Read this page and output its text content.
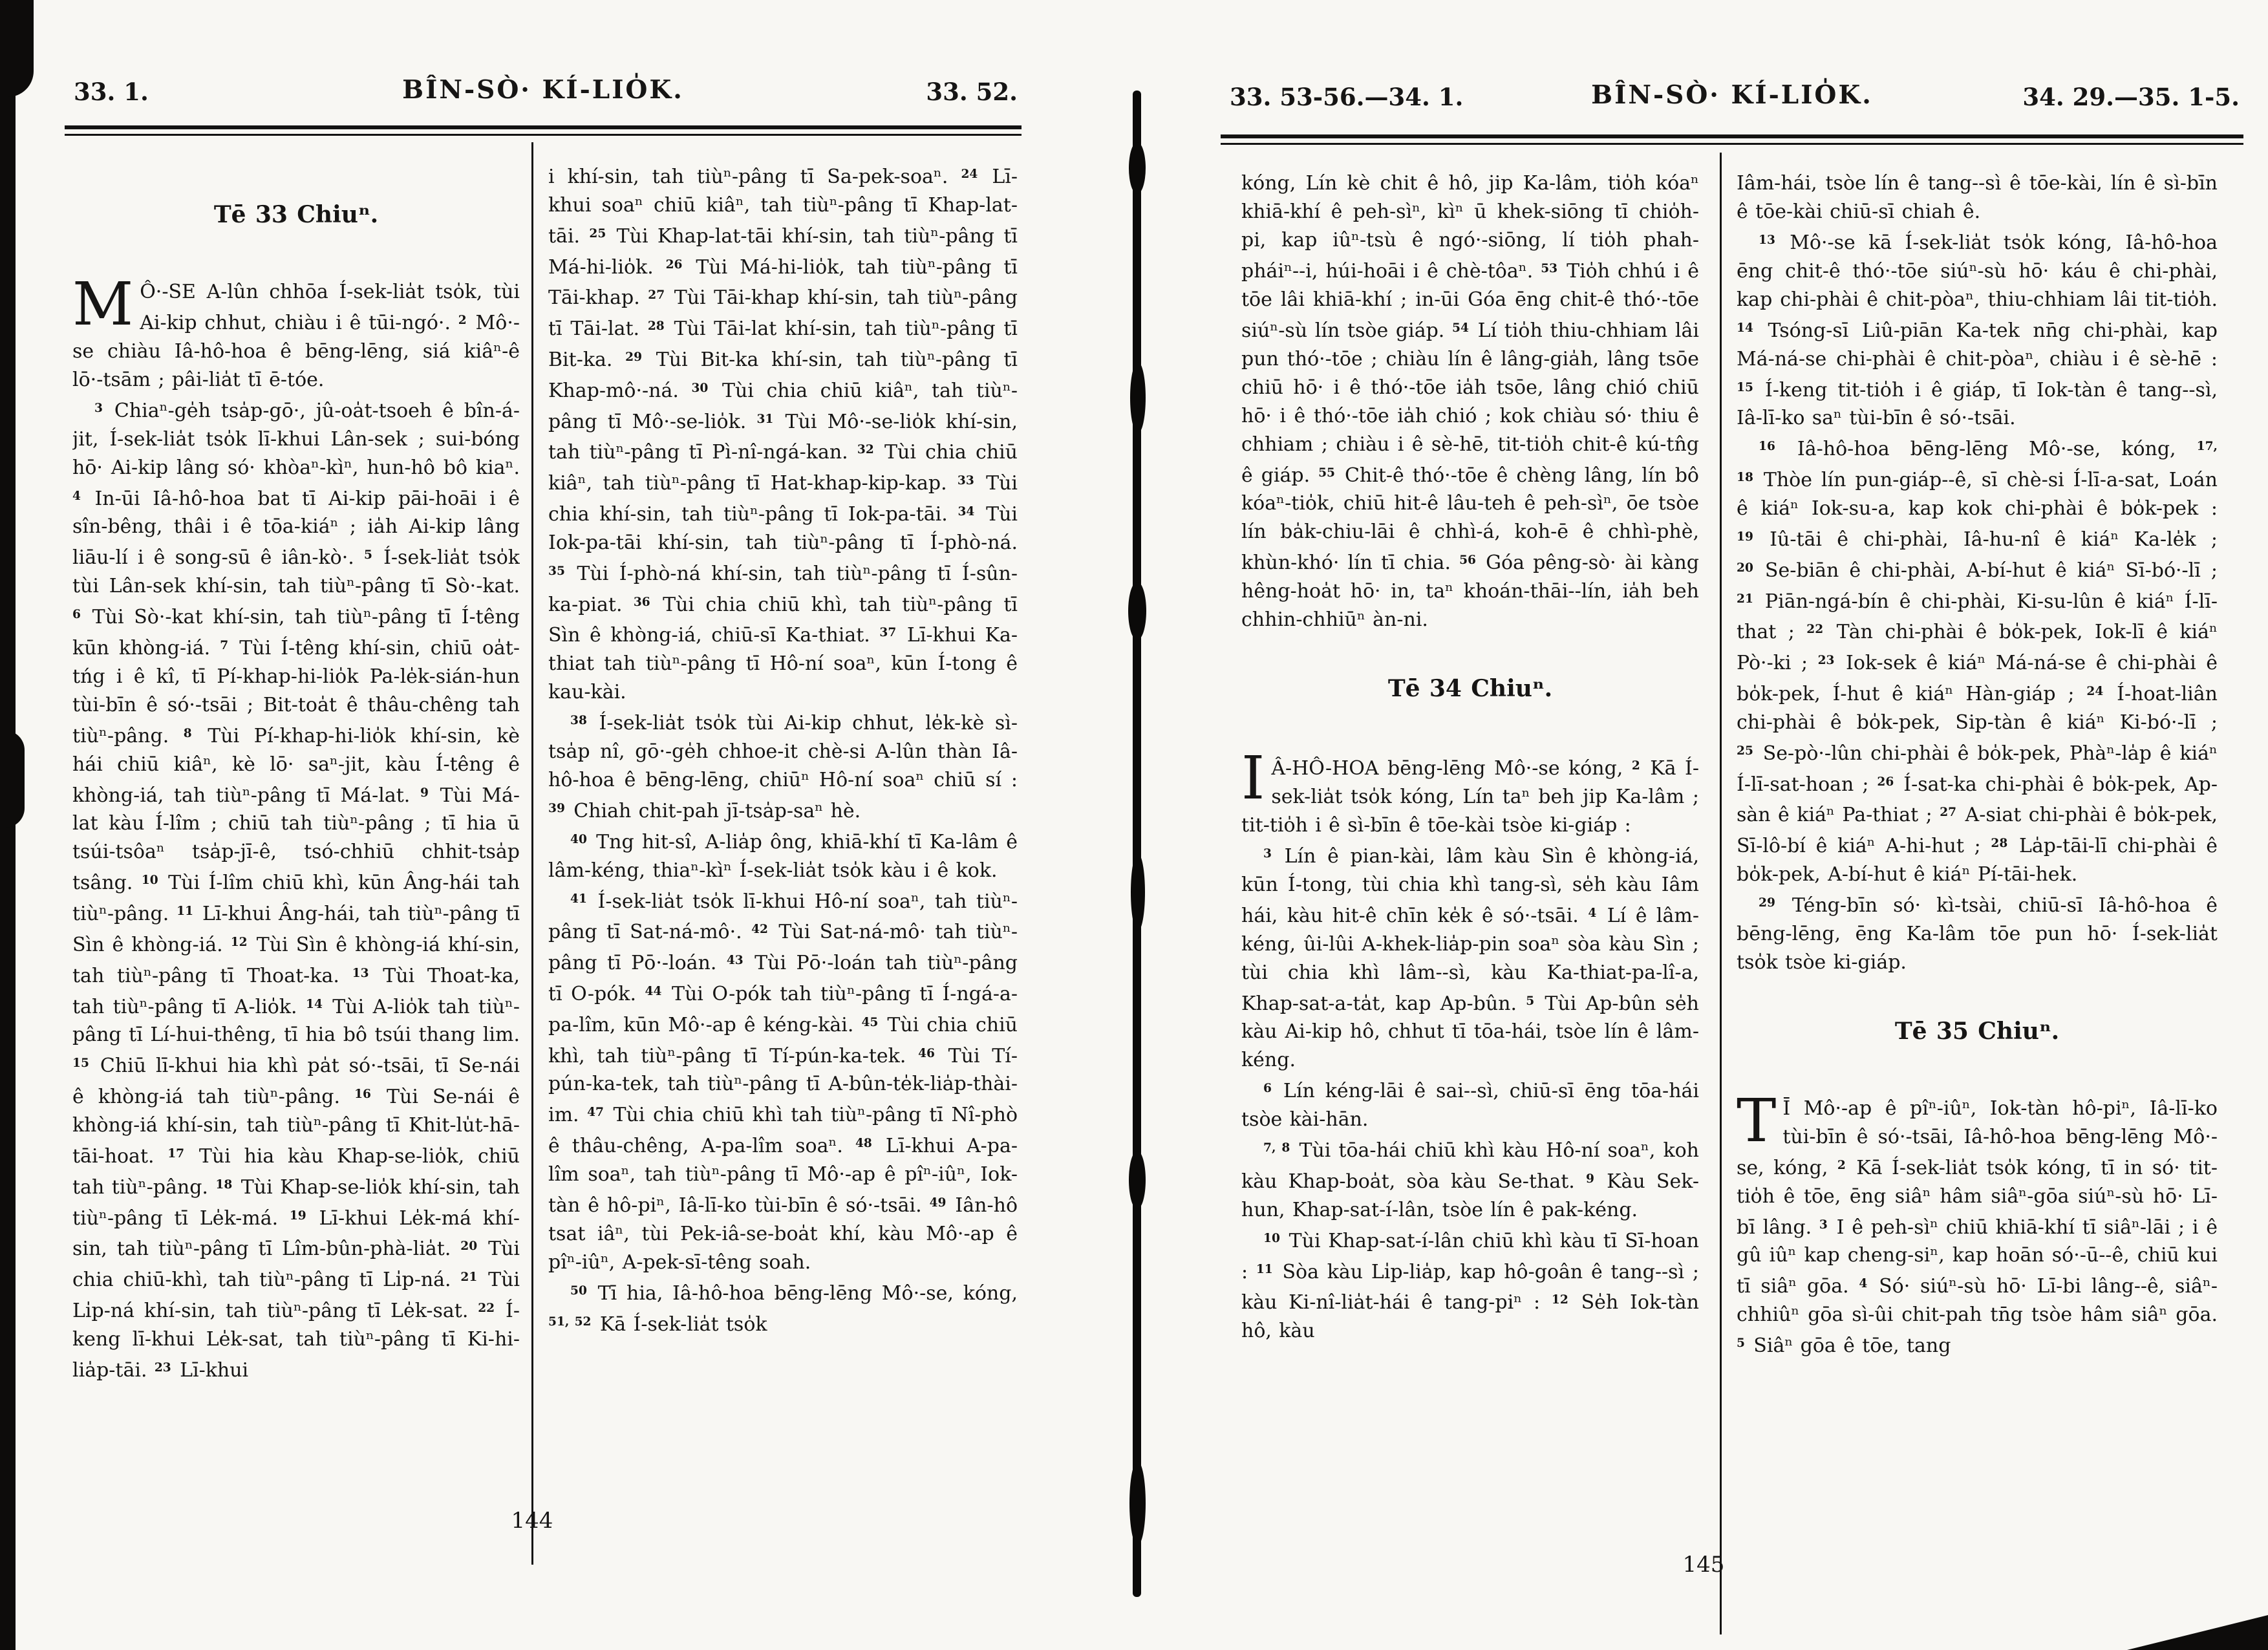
33. 1.	BÎN-SÒ· KÍ-LIO̍K.	33. 52.
Tē 33 Chiuⁿ.

M Ô·-SE A-lûn chhōa Í-sek-lia̍t tso̍k, tùi Ai-kip chhut, chiàu i ê tūi-ngó·. $^2$ Mô·-se chiàu Iâ-hô-hoa ê bēng-lēng, siá kiâⁿ-ê lō·-tsām ; pâi-lia̍t tī ē-tóe.

$^3$ Chiaⁿ-ge̍h tsa̍p-gō·, jû-oa̍t-tsoeh ê bîn-á-jit, Í-sek-lia̍t tso̍k lī-khui Lân-sek ; sui-bóng hō· Ai-kip lâng só· khòaⁿ-kìⁿ, hun-hô bô kiaⁿ. $^4$ In-ūi Iâ-hô-hoa bat tī Ai-kip pāi-hoāi i ê sîn-bêng, thâi i ê tōa-kiáⁿ ; ia̍h Ai-kip lâng liāu-lí i ê song-sū ê iân-kò·. $^5$ Í-sek-lia̍t tso̍k tùi Lân-sek khí-sin, tah tiùⁿ-pâng tī Sò·-kat. $^6$ Tùi Sò·-kat khí-sin, tah tiùⁿ-pâng tī Í-têng kūn khòng-iá. $^7$ Tùi Í-têng khí-sin, chiū oa̍t-tńg i ê kî, tī Pí-khap-hi-lio̍k Pa-le̍k-sián-hun tùi-bīn ê só·-tsāi ; Bit-toa̍t ê thâu-chêng tah tiùⁿ-pâng. $^8$ Tùi Pí-khap-hi-lio̍k khí-sin, kè hái chiū kiâⁿ, kè lō· saⁿ-jit, kàu Í-têng ê khòng-iá, tah tiùⁿ-pâng tī Má-lat. $^9$ Tùi Má-lat kàu Í-lîm ; chiū tah tiùⁿ-pâng ; tī hia ū tsúi-tsôaⁿ tsa̍p-jī-ê, tsó-chhiū chhit-tsa̍p tsâng. $^{10}$ Tùi Í-lîm chiū khì, kūn Âng-hái tah tiùⁿ-pâng. $^{11}$ Lī-khui Âng-hái, tah tiùⁿ-pâng tī Sìn ê khòng-iá. $^{12}$ Tùi Sìn ê khòng-iá khí-sin, tah tiùⁿ-pâng tī Thoat-ka. $^{13}$ Tùi Thoat-ka, tah tiùⁿ-pâng tī A-lio̍k. $^{14}$ Tùi A-lio̍k tah tiùⁿ-pâng tī Lí-hui-thêng, tī hia bô tsúi thang lim. $^{15}$ Chiū lī-khui hia khì pa̍t só·-tsāi, tī Se-nái ê khòng-iá tah tiùⁿ-pâng. $^{16}$ Tùi Se-nái ê khòng-iá khí-sin, tah tiùⁿ-pâng tī Khit-lu̍t-hā-tāi-hoat. $^{17}$ Tùi hia kàu Khap-se-lio̍k, chiū tah tiùⁿ-pâng. $^{18}$ Tùi Khap-se-lio̍k khí-sin, tah tiùⁿ-pâng tī Le̍k-má. $^{19}$ Lī-khui Le̍k-má khí-sin, tah tiùⁿ-pâng tī Lîm-bûn-phà-lia̍t. $^{20}$ Tùi chia chiū-khì, tah tiùⁿ-pâng tī Li̍p-ná. $^{21}$ Tùi Li̍p-ná khí-sin, tah tiùⁿ-pâng tī Le̍k-sat. $^{22}$ Í-keng lī-khui Le̍k-sat, tah tiùⁿ-pâng tī Ki-hi-lia̍p-tāi. $^{23}$ Lī-khui

i khí-sin, tah tiùⁿ-pâng tī Sa-pek-soaⁿ. $^{24}$ Lī-khui soaⁿ chiū kiâⁿ, tah tiùⁿ-pâng tī Khap-lat-tāi. $^{25}$ Tùi Khap-lat-tāi khí-sin, tah tiùⁿ-pâng tī Má-hi-lio̍k. $^{26}$ Tùi Má-hi-lio̍k, tah tiùⁿ-pâng tī Tāi-khap. $^{27}$ Tùi Tāi-khap khí-sin, tah tiùⁿ-pâng tī Tāi-lat. $^{28}$ Tùi Tāi-lat khí-sin, tah tiùⁿ-pâng tī Bit-ka. $^{29}$ Tùi Bit-ka khí-sin, tah tiùⁿ-pâng tī Khap-mô·-ná. $^{30}$ Tùi chia chiū kiâⁿ, tah tiùⁿ-pâng tī Mô·-se-lio̍k. $^{31}$ Tùi Mô·-se-lio̍k khí-sin, tah tiùⁿ-pâng tī Pì-nî-ngá-kan. $^{32}$ Tùi chia chiū kiâⁿ, tah tiùⁿ-pâng tī Hat-khap-kip-kap. $^{33}$ Tùi chia khí-sin, tah tiùⁿ-pâng tī Iok-pa-tāi. $^{34}$ Tùi Iok-pa-tāi khí-sin, tah tiùⁿ-pâng tī Í-phò-ná. $^{35}$ Tùi Í-phò-ná khí-sin, tah tiùⁿ-pâng tī Í-sûn-ka-piat. $^{36}$ Tùi chia chiū khì, tah tiùⁿ-pâng tī Sìn ê khòng-iá, chiū-sī Ka-thiat. $^{37}$ Lī-khui Ka-thiat tah tiùⁿ-pâng tī Hô-ní soaⁿ, kūn Í-tong ê kau-kài.

$^{38}$ Í-sek-lia̍t tso̍k tùi Ai-kip chhut, le̍k-kè sì-tsa̍p nî, gō·-ge̍h chhoe-it chè-si A-lûn thàn Iâ-hô-hoa ê bēng-lēng, chiūⁿ Hô-ní soaⁿ chiū sí : $^{39}$ Chiah chit-pah jī-tsa̍p-saⁿ hè.

$^{40}$ Tng hit-sî, A-lia̍p ông, khiā-khí tī Ka-lâm ê lâm-kéng, thiaⁿ-kìⁿ Í-sek-lia̍t tso̍k kàu i ê kok.

$^{41}$ Í-sek-lia̍t tso̍k lī-khui Hô-ní soaⁿ, tah tiùⁿ-pâng tī Sat-ná-mô·. $^{42}$ Tùi Sat-ná-mô· tah tiùⁿ-pâng tī Pō·-loán. $^{43}$ Tùi Pō·-loán tah tiùⁿ-pâng tī O-pók. $^{44}$ Tùi O-pók tah tiùⁿ-pâng tī Í-ngá-a-pa-lîm, kūn Mô·-ap ê kéng-kài. $^{45}$ Tùi chia chiū khì, tah tiùⁿ-pâng tī Tí-pún-ka-tek. $^{46}$ Tùi Tí-pún-ka-tek, tah tiùⁿ-pâng tī A-bûn-te̍k-lia̍p-thài-im. $^{47}$ Tùi chia chiū khì tah tiùⁿ-pâng tī Nî-phò ê thâu-chêng, A-pa-lîm soaⁿ. $^{48}$ Lī-khui A-pa-lîm soaⁿ, tah tiùⁿ-pâng tī Mô·-ap ê pîⁿ-iûⁿ, Iok-tàn ê hô-piⁿ, Iâ-lī-ko tùi-bīn ê só·-tsāi. $^{49}$ Iân-hô tsat iâⁿ, tùi Pek-iâ-se-boa̍t khí, kàu Mô·-ap ê pîⁿ-iûⁿ, A-pek-sī-têng soah.

$^{50}$ Tī hia, Iâ-hô-hoa bēng-lēng Mô·-se, kóng, $^{51, 52}$ Kā Í-sek-lia̍t tso̍k

144
33. 53-56.—34. 1.	BÎN-SÒ· KÍ-LIO̍K.	34. 29.—35. 1-5.

kóng, Lín kè chit ê hô, jip Ka-lâm, tio̍h kóaⁿ khiā-khí ê peh-sìⁿ, kìⁿ ū khek-siōng tī chio̍h-pi, kap iûⁿ-tsù ê ngó·-siōng, lí tio̍h phah-pháiⁿ--i, húi-hoāi i ê chè-tôaⁿ. $^{53}$ Tio̍h chhú i ê tōe lâi khiā-khí ; in-ūi Góa ēng chit-ê thó·-tōe siúⁿ-sù lín tsòe giáp. $^{54}$ Lí tio̍h thiu-chhiam lâi pun thó·-tōe ; chiàu lín ê lâng-gia̍h, lâng tsōe chiū hō· i ê thó·-tōe ia̍h tsōe, lâng chió chiū hō· i ê thó·-tōe ia̍h chió ; kok chiàu só· thiu ê chhiam ; chiàu i ê sè-hē, tit-tio̍h chit-ê kú-tn̂g ê giáp. $^{55}$ Chit-ê thó·-tōe ê chèng lâng, lín bô kóaⁿ-tio̍k, chiū hit-ê lâu-teh ê peh-sìⁿ, ōe tsòe lín ba̍k-chiu-lāi ê chhì-á, koh-ē ê chhì-phè, khùn-khó· lín tī chia. $^{56}$ Góa pêng-sò· ài kàng hêng-hoa̍t hō· in, taⁿ khoán-thāi--lín, ia̍h beh chhin-chhiūⁿ àn-ni.

Tē 34 Chiuⁿ.

I Â-HÔ-HOA bēng-lēng Mô·-se kóng, $^2$ Kā Í-sek-lia̍t tso̍k kóng, Lín taⁿ beh jip Ka-lâm ; tit-tio̍h i ê sì-bīn ê tōe-kài tsòe ki-giáp :

$^3$ Lín ê pian-kài, lâm kàu Sìn ê khòng-iá, kūn Í-tong, tùi chia khì tang-sì, se̍h kàu Iâm hái, kàu hit-ê chīn ke̍k ê só·-tsāi. $^4$ Lí ê lâm-kéng, ûi-lûi A-khek-lia̍p-pin soaⁿ sòa kàu Sìn ; tùi chia khì lâm--sì, kàu Ka-thiat-pa-lî-a, Khap-sat-a-ta̍t, kap Ap-bûn. $^5$ Tùi Ap-bûn se̍h kàu Ai-kip hô, chhut tī tōa-hái, tsòe lín ê lâm-kéng.

$^6$ Lín kéng-lāi ê sai--sì, chiū-sī ēng tōa-hái tsòe kài-hān.

$^{7, 8}$ Tùi tōa-hái chiū khì kàu Hô-ní soaⁿ, koh kàu Khap-boa̍t, sòa kàu Se-that. $^9$ Kàu Sek-hun, Khap-sat-í-lân, tsòe lín ê pak-kéng.

$^{10}$ Tùi Khap-sat-í-lân chiū khì kàu tī Sī-hoan : $^{11}$ Sòa kàu Li̍p-lia̍p, kap hô-goân ê tang--sì ; kàu Ki-nî-lia̍t-hái ê tang-piⁿ : $^{12}$ Se̍h Iok-tàn hô, kàu

Iâm-hái, tsòe lín ê tang--sì ê tōe-kài, lín ê sì-bīn ê tōe-kài chiū-sī chiah ê.

$^{13}$ Mô·-se kā Í-sek-lia̍t tso̍k kóng, Iâ-hô-hoa ēng chit-ê thó·-tōe siúⁿ-sù hō· káu ê chi-phài, kap chi-phài ê chit-pòaⁿ, thiu-chhiam lâi tit-tio̍h. $^{14}$ Tsóng-sī Liû-piān Ka-tek nn̄g chi-phài, kap Má-ná-se chi-phài ê chit-pòaⁿ, chiàu i ê sè-hē : $^{15}$ Í-keng tit-tio̍h i ê giáp, tī Iok-tàn ê tang--sì, Iâ-lī-ko saⁿ tùi-bīn ê só·-tsāi.

$^{16}$ Iâ-hô-hoa bēng-lēng Mô·-se, kóng, $^{17, 18}$ Thòe lín pun-giáp--ê, sī chè-si Í-lī-a-sat, Loán ê kiáⁿ Iok-su-a, kap kok chi-phài ê bo̍k-pek : $^{19}$ Iû-tāi ê chi-phài, Iâ-hu-nî ê kiáⁿ Ka-le̍k ; $^{20}$ Se-biān ê chi-phài, A-bí-hut ê kiáⁿ Sī-bó·-lī ; $^{21}$ Piān-ngá-bín ê chi-phài, Ki-su-lûn ê kiáⁿ Í-lī-that ; $^{22}$ Tàn chi-phài ê bo̍k-pek, Iok-lī ê kiáⁿ Pò·-ki ; $^{23}$ Iok-sek ê kiáⁿ Má-ná-se ê chi-phài ê bo̍k-pek, Í-hut ê kiáⁿ Hàn-giáp ; $^{24}$ Í-hoat-liân chi-phài ê bo̍k-pek, Sip-tàn ê kiáⁿ Ki-bó·-lī ; $^{25}$ Se-pò·-lûn chi-phài ê bo̍k-pek, Phàⁿ-la̍p ê kiáⁿ Í-lī-sat-hoan ; $^{26}$ Í-sat-ka chi-phài ê bo̍k-pek, Ap-sàn ê kiáⁿ Pa-thiat ; $^{27}$ A-siat chi-phài ê bo̍k-pek, Sī-lô-bí ê kiáⁿ A-hi-hut ; $^{28}$ La̍p-tāi-lī chi-phài ê bo̍k-pek, A-bí-hut ê kiáⁿ Pí-tāi-hek.

$^{29}$ Téng-bīn só· kì-tsài, chiū-sī Iâ-hô-hoa ê bēng-lēng, ēng Ka-lâm tōe pun hō· Í-sek-lia̍t tso̍k tsòe ki-giáp.

Tē 35 Chiuⁿ.

T Ī Mô·-ap ê pîⁿ-iûⁿ, Iok-tàn hô-piⁿ, Iâ-lī-ko tùi-bīn ê só·-tsāi, Iâ-hô-hoa bēng-lēng Mô·-se, kóng, $^2$ Kā Í-sek-lia̍t tso̍k kóng, tī in só· tit-tio̍h ê tōe, ēng siâⁿ hâm siâⁿ-gōa siúⁿ-sù hō· Lī-bī lâng. $^3$ I ê peh-sìⁿ chiū khiā-khí tī siâⁿ-lāi ; i ê gû iûⁿ kap cheng-siⁿ, kap hoān só·-ū--ê, chiū kui tī siâⁿ gōa. $^4$ Só· siúⁿ-sù hō· Lī-bi lâng--ê, siâⁿ-chhiûⁿ gōa sì-ûi chit-pah tn̄g tsòe hâm siâⁿ gōa. $^5$ Siâⁿ gōa ê tōe, tang

145
